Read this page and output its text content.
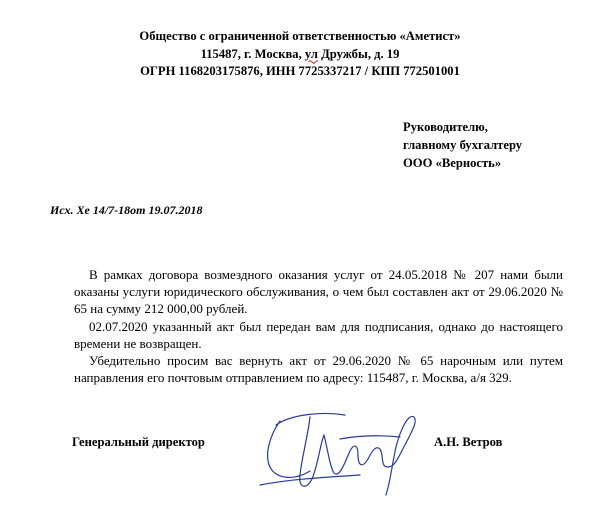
Общество с ограниченной ответственностью «Аметист»
115487, г. Москва, ул Дружбы, д. 19
ОГРН 1168203175876, ИНН 7725337217 / КПП 772501001
Руководителю,
главному бухгалтеру
ООО «Верность»
Исх. Хе 14/7-18от 19.07.2018

В рамках договора возмездного оказания услуг от 24.05.2018 № 207 нами были оказаны услуги юридического обслуживания, о чем был составлен акт от 29.06.2020 № 65 на сумму 212 000,00 рублей.

02.07.2020 указанный акт был передан вам для подписания, однако до настоящего времени не возвращен.

Убедительно просим вас вернуть акт от 29.06.2020 № 65 нарочным или путем направления его почтовым отправлением по адресу: 115487, г. Москва, а/я 329.

Генеральный директор	А.Н. Ветров
